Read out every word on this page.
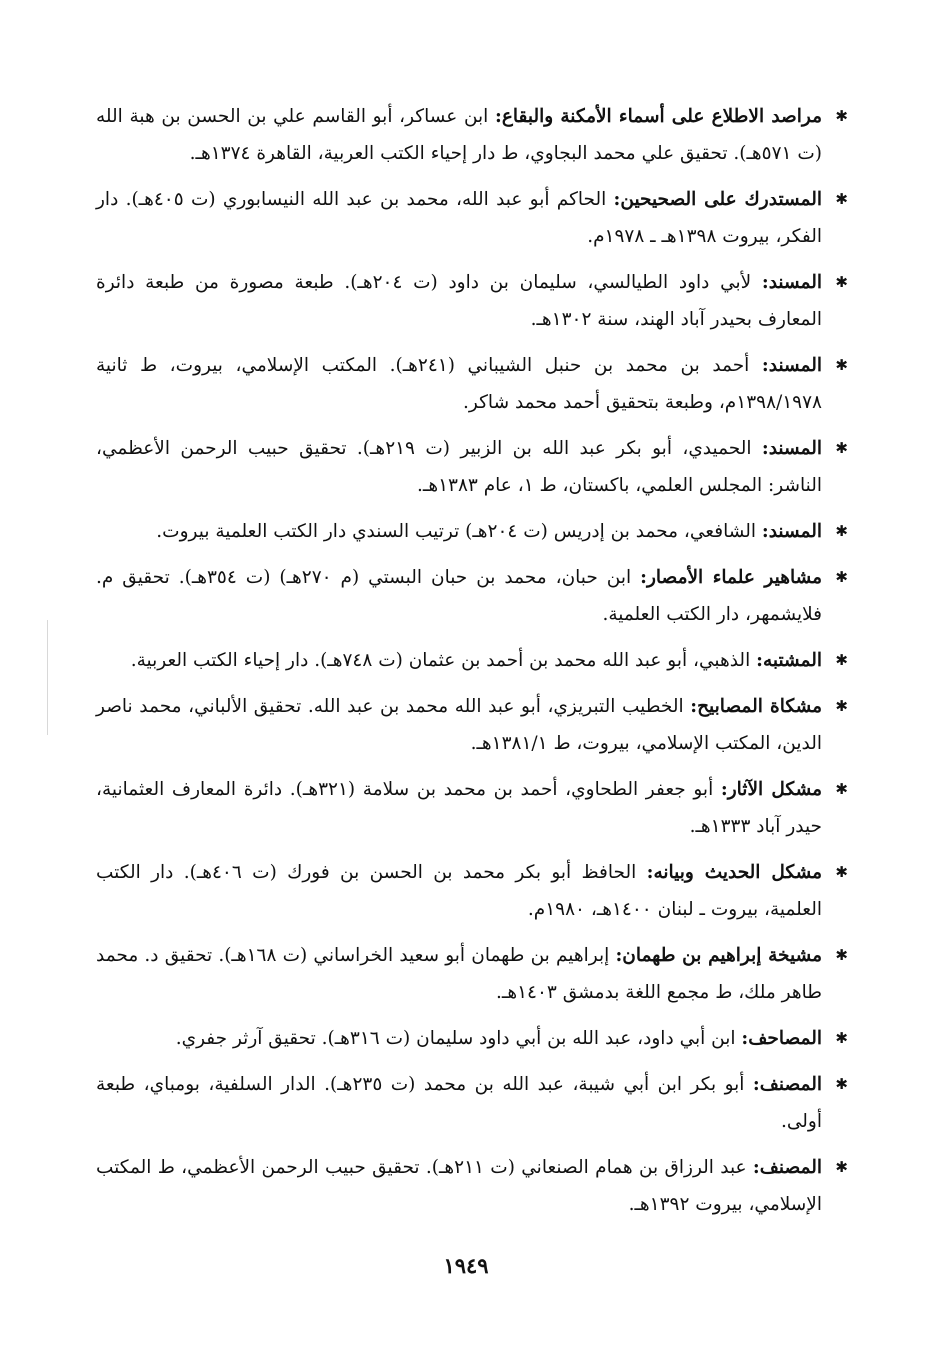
✱
مراصد الاطلاع على أسماء الأمكنة والبقاع: ابن عساكر، أبو القاسم علي بن الحسن بن هبة الله (ت ٥٧١هـ). تحقيق علي محمد البجاوي، ط دار إحياء الكتب العربية، القاهرة ١٣٧٤هـ.
✱
المستدرك على الصحيحين: الحاكم أبو عبد الله، محمد بن عبد الله النيسابوري (ت ٤٠٥هـ). دار الفكر، بيروت ١٣٩٨هـ ـ ١٩٧٨م.
✱
المسند: لأبي داود الطيالسي، سليمان بن داود (ت ٢٠٤هـ). طبعة مصورة من طبعة دائرة المعارف بحيدر آباد الهند، سنة ١٣٠٢هـ.
✱
المسند: أحمد بن محمد بن حنبل الشيباني (٢٤١هـ). المكتب الإسلامي، بيروت، ط ثانية ١٣٩٨/١٩٧٨م، وطبعة بتحقيق أحمد محمد شاكر.
✱
المسند: الحميدي، أبو بكر عبد الله بن الزبير (ت ٢١٩هـ). تحقيق حبيب الرحمن الأعظمي، الناشر: المجلس العلمي، باكستان، ط ١، عام ١٣٨٣هـ.
✱
المسند: الشافعي، محمد بن إدريس (ت ٢٠٤هـ) ترتيب السندي دار الكتب العلمية بيروت.
✱
مشاهير علماء الأمصار: ابن حبان، محمد بن حبان البستي (م ٢٧٠هـ) (ت ٣٥٤هـ). تحقيق م. فلايشمهر، دار الكتب العلمية.
✱
المشتبه: الذهبي، أبو عبد الله محمد بن أحمد بن عثمان (ت ٧٤٨هـ). دار إحياء الكتب العربية.
✱
مشكاة المصابيح: الخطيب التبريزي، أبو عبد الله محمد بن عبد الله. تحقيق الألباني، محمد ناصر الدين، المكتب الإسلامي، بيروت، ط ١٣٨١/١هـ.
✱
مشكل الآثار: أبو جعفر الطحاوي، أحمد بن محمد بن سلامة (٣٢١هـ). دائرة المعارف العثمانية، حيدر آباد ١٣٣٣هـ.
✱
مشكل الحديث وبيانه: الحافظ أبو بكر محمد بن الحسن بن فورك (ت ٤٠٦هـ). دار الكتب العلمية، بيروت ـ لبنان ١٤٠٠هـ، ١٩٨٠م.
✱
مشيخة إبراهيم بن طهمان: إبراهيم بن طهمان أبو سعيد الخراساني (ت ١٦٨هـ). تحقيق د. محمد طاهر ملك، ط مجمع اللغة بدمشق ١٤٠٣هـ.
✱
المصاحف: ابن أبي داود، عبد الله بن أبي داود سليمان (ت ٣١٦هـ). تحقيق آرثر جفري.
✱
المصنف: أبو بكر ابن أبي شيبة، عبد الله بن محمد (ت ٢٣٥هـ). الدار السلفية، بومباي، طبعة أولى.
✱
المصنف: عبد الرزاق بن همام الصنعاني (ت ٢١١هـ). تحقيق حبيب الرحمن الأعظمي، ط المكتب الإسلامي، بيروت ١٣٩٢هـ.
١٩٤٩
